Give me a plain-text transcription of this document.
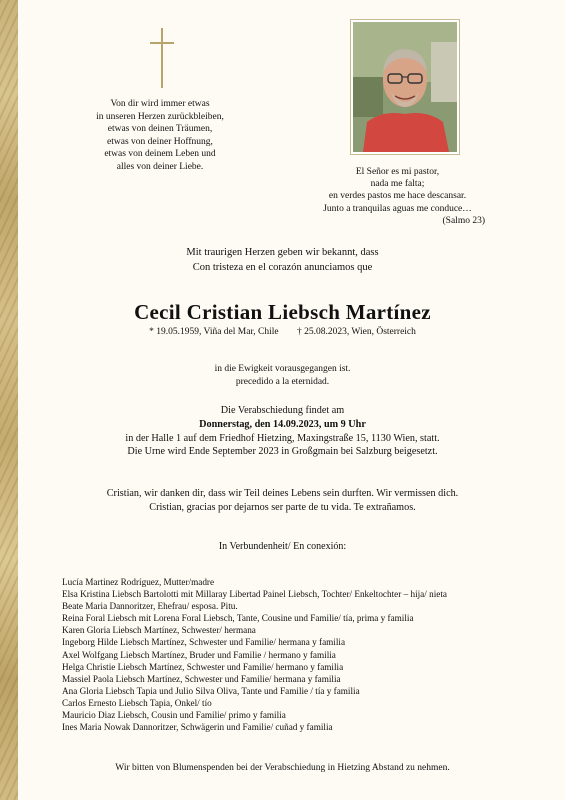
Von dir wird immer etwas
in unseren Herzen zurückbleiben,
etwas von deinen Träumen,
etwas von deiner Hoffnung,
etwas von deinem Leben und
alles von deiner Liebe.
El Señor es mi pastor,
nada me falta;
en verdes pastos me hace descansar.
Junto a tranquilas aguas me conduce…
(Salmo 23)
Mit traurigen Herzen geben wir bekannt, dass
Con tristeza en el corazón anunciamos que
Cecil Cristian Liebsch Martínez
* 19.05.1959, Viña del Mar, Chile † 25.08.2023, Wien, Österreich
in die Ewigkeit vorausgegangen ist.
precedido a la eternidad.
Die Verabschiedung findet am
Donnerstag, den 14.09.2023, um 9 Uhr
in der Halle 1 auf dem Friedhof Hietzing, Maxingstraße 15, 1130 Wien, statt.
Die Urne wird Ende September 2023 in Großgmain bei Salzburg beigesetzt.
Cristian, wir danken dir, dass wir Teil deines Lebens sein durften. Wir vermissen dich.
Cristian, gracias por dejarnos ser parte de tu vida. Te extrañamos.
In Verbundenheit/ En conexión:
Lucía Martinez Rodríguez, Mutter/madre
Elsa Kristina Liebsch Bartolotti mit Millaray Libertad Painel Liebsch, Tochter/ Enkeltochter – hija/ nieta
Beate Maria Dannoritzer, Ehefrau/ esposa. Pitu.
Reina Foral Liebsch mit Lorena Foral Liebsch, Tante, Cousine und Familie/ tía, prima y familia
Karen Gloria Liebsch Martínez, Schwester/ hermana
Ingeborg Hilde Liebsch Martínez, Schwester und Familie/ hermana y familia
Axel Wolfgang Liebsch Martínez, Bruder und Familie / hermano y familia
Helga Christie Liebsch Martínez, Schwester und Familie/ hermano y familia
Massiel Paola Liebsch Martínez, Schwester und Familie/ hermana y familia
Ana Gloria Liebsch Tapia und Julio Silva Oliva, Tante und Familie / tía y familia
Carlos Ernesto Liebsch Tapia, Onkel/ tío
Mauricio Diaz Liebsch, Cousin und Familie/ primo y familia
Ines Maria Nowak Dannoritzer, Schwägerin und Familie/ cuñad y familia
Wir bitten von Blumenspenden bei der Verabschiedung in Hietzing Abstand zu nehmen.
